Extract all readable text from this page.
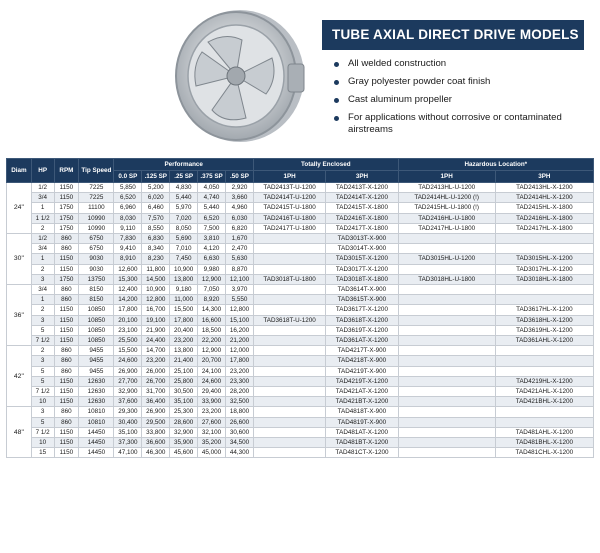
TUBE AXIAL DIRECT DRIVE MODELS
All welded construction
Gray polyester powder coat finish
Cast aluminum propeller
For applications without corrosive or contaminated airstreams
Diam	HP	RPM	Tip Speed	Performance					Totally Enclosed		Hazardous Location*	
				0.0 SP	.125 SP	.25 SP	.375 SP	.50 SP	1PH	3PH	1PH	3PH
24"	1/2	1150	7225	5,850	5,200	4,830	4,050	2,920	TAD2413T-U-1200	TAD2413T-X-1200	TAD2413HL-U-1200	TAD2413HL-X-1200
	3/4	1150	7225	6,520	6,020	5,440	4,740	3,660	TAD2414T-U-1200	TAD2414T-X-1200	TAD2414HL-U-1200 (!)	TAD2414HL-X-1200
	1	1750	11100	6,960	6,460	5,970	5,440	4,960	TAD2415T-U-1800	TAD2415T-X-1800	TAD2415HL-U-1800 (!)	TAD2415HL-X-1800
	1 1/2	1750	10990	8,030	7,570	7,020	6,520	6,030	TAD2416T-U-1800	TAD2416T-X-1800	TAD2416HL-U-1800	TAD2416HL-X-1800
	2	1750	10990	9,110	8,550	8,050	7,500	6,820	TAD2417T-U-1800	TAD2417T-X-1800	TAD2417HL-U-1800	TAD2417HL-X-1800
30"	1/2	860	6750	7,830	6,830	5,690	3,810	1,670		TAD3013T-X-900		
	3/4	860	6750	9,410	8,340	7,010	4,120	2,470		TAD3014T-X-900		
	1	1150	9030	8,910	8,230	7,450	6,630	5,630		TAD3015T-X-1200	TAD3015HL-U-1200	TAD3015HL-X-1200
	2	1150	9030	12,600	11,800	10,900	9,980	8,870		TAD3017T-X-1200		TAD3017HL-X-1200
	3	1750	13750	15,300	14,500	13,800	12,900	12,100	TAD3018T-U-1800	TAD3018T-X-1800	TAD3018HL-U-1800	TAD3018HL-X-1800
36"	3/4	860	8150	12,400	10,900	9,180	7,050	3,970		TAD3614T-X-900		
	1	860	8150	14,200	12,800	11,000	8,920	5,550		TAD3615T-X-900		
	2	1150	10850	17,800	16,700	15,500	14,300	12,800		TAD3617T-X-1200		TAD3617HL-X-1200
	3	1150	10850	20,100	19,100	17,800	16,600	15,100	TAD3618T-U-1200	TAD3618T-X-1200		TAD3618HL-X-1200
	5	1150	10850	23,100	21,900	20,400	18,500	16,200		TAD3619T-X-1200		TAD3619HL-X-1200
	7 1/2	1150	10850	25,500	24,400	23,200	22,200	21,200		TAD361AT-X-1200		TAD361AHL-X-1200
42"	2	860	9455	15,500	14,700	13,800	12,900	12,000		TAD4217T-X-900		
	3	860	9455	24,600	23,200	21,400	20,700	17,800		TAD4218T-X-900		
	5	860	9455	26,900	26,000	25,100	24,100	23,200		TAD4219T-X-900		
	5	1150	12630	27,700	26,700	25,800	24,600	23,300		TAD4219T-X-1200		TAD4219HL-X-1200
	7 1/2	1150	12630	32,900	31,700	30,500	29,400	28,200		TAD421AT-X-1200		TAD421AHL-X-1200
	10	1150	12630	37,600	36,400	35,100	33,900	32,500		TAD421BT-X-1200		TAD421BHL-X-1200
48"	3	860	10810	29,300	26,900	25,300	23,200	18,800		TAD4818T-X-900		
	5	860	10810	30,400	29,500	28,600	27,600	26,600		TAD4819T-X-900		
	7 1/2	1150	14450	35,100	33,800	32,900	32,100	30,600		TAD481AT-X-1200		TAD481AHL-X-1200
	10	1150	14450	37,300	36,600	35,900	35,200	34,500		TAD481BT-X-1200		TAD481BHL-X-1200
	15	1150	14450	47,100	46,300	45,600	45,000	44,300		TAD481CT-X-1200		TAD481CHL-X-1200
